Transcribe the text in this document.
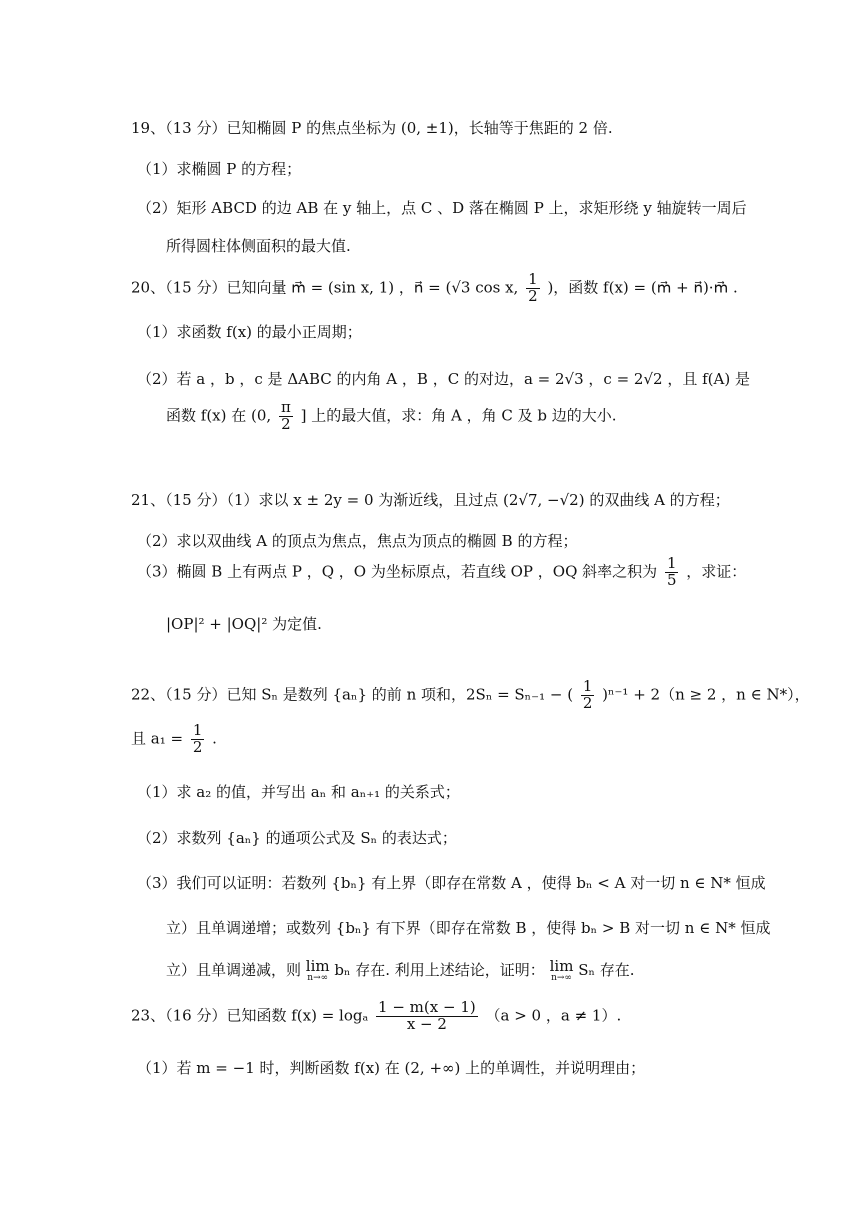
19、（13 分）已知椭圆 P 的焦点坐标为 (0, ±1)，长轴等于焦距的 2 倍.
（1）求椭圆 P 的方程；
（2）矩形 ABCD 的边 AB 在 y 轴上，点 C 、D 落在椭圆 P 上，求矩形绕 y 轴旋转一周后
所得圆柱体侧面积的最大值.
20、（15 分）已知向量 m⃗ = (sin x, 1) ，n⃗ = (√3 cos x, $\frac{1}{2}$ )，函数 f(x) = (m⃗ + n⃗)·m⃗ .
（1）求函数 f(x) 的最小正周期；
（2）若 a ，b ，c 是 ΔABC 的内角 A ，B ，C 的对边，a = 2√3 ，c = 2√2 ，且 f(A) 是
函数 f(x) 在 (0, $\frac{\pi}{2}$ ] 上的最大值，求：角 A ，角 C 及 b 边的大小.
21、（15 分）（1）求以 x ± 2y = 0 为渐近线，且过点 (2√7, −√2) 的双曲线 A 的方程；
（2）求以双曲线 A 的顶点为焦点，焦点为顶点的椭圆 B 的方程；
（3）椭圆 B 上有两点 P ，Q ，O 为坐标原点，若直线 OP ，OQ 斜率之积为 $\frac{1}{5}$ ，求证：
|OP|² + |OQ|² 为定值.
22、（15 分）已知 Sₙ 是数列 {aₙ} 的前 n 项和，2Sₙ = Sₙ₋₁ − ( $\frac{1}{2} )^{n-1} + 2(n \ge 2$ ，n ∈ N*），
且 $a_1 = \frac{1}{2}$ .
（1）求 a₂ 的值，并写出 aₙ 和 aₙ₊₁ 的关系式；
（2）求数列 {aₙ} 的通项公式及 Sₙ 的表达式；
（3）我们可以证明：若数列 {bₙ} 有上界（即存在常数 A ，使得 bₙ < A 对一切 n ∈ N* 恒成
立）且单调递增；或数列 {bₙ} 有下界（即存在常数 B ，使得 bₙ > B 对一切 n ∈ N* 恒成
立）且单调递减，则 lim
n→∞ bₙ 存在. 利用上述结论，证明： lim
n→∞ Sₙ 存在.
23、（16 分）已知函数 f(x) = logₐ $\frac{1 - m(x - 1)}{x - 2} (a > 0$ ，a ≠ 1）.
（1）若 m = −1 时，判断函数 f(x) 在 (2, +∞) 上的单调性，并说明理由；
